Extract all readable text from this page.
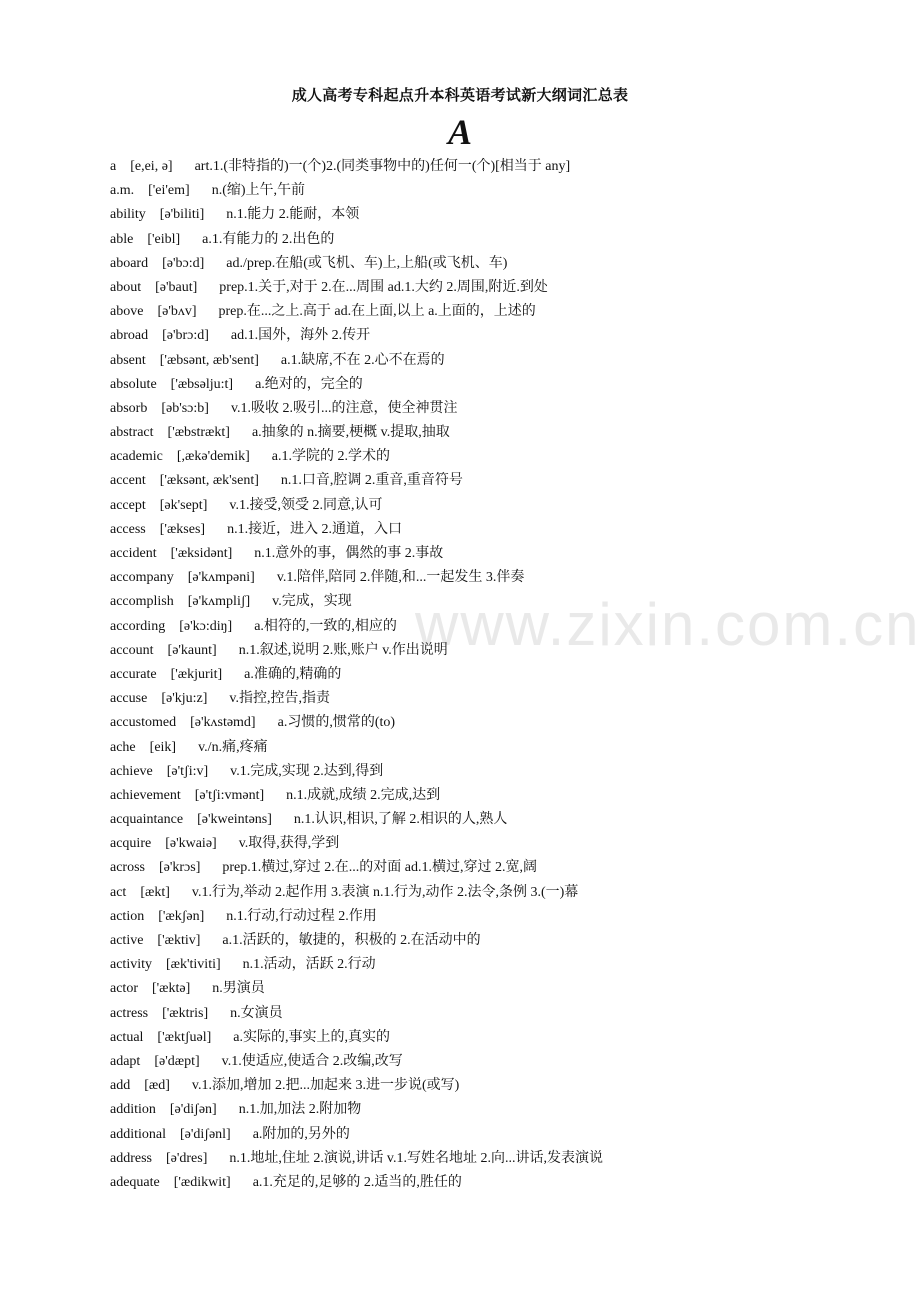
www.zixin.com.cn
成人高考专科起点升本科英语考试新大纲词汇总表
A
a [e,ei, ə] art.1.(非特指的)一(个)2.(同类事物中的)任何一(个)[相当于 any]
a.m. ['ei'em] n.(缩)上午,午前
ability [ə'biliti] n.1.能力 2.能耐，本领
able ['eibl] a.1.有能力的 2.出色的
aboard [ə'bɔ:d] ad./prep.在船(或飞机、车)上,上船(或飞机、车)
about [ə'baut] prep.1.关于,对于 2.在...周围 ad.1.大约 2.周围,附近.到处
above [ə'bʌv] prep.在...之上.高于 ad.在上面,以上 a.上面的，上述的
abroad [ə'brɔ:d] ad.1.国外，海外 2.传开
absent ['æbsənt, æb'sent] a.1.缺席,不在 2.心不在焉的
absolute ['æbsəlju:t] a.绝对的，完全的
absorb [əb'sɔ:b] v.1.吸收 2.吸引...的注意，使全神贯注
abstract ['æbstrækt] a.抽象的 n.摘要,梗概 v.提取,抽取
academic [,ækə'demik] a.1.学院的 2.学术的
accent ['æksənt, æk'sent] n.1.口音,腔调 2.重音,重音符号
accept [ək'sept] v.1.接受,领受 2.同意,认可
access ['ækses] n.1.接近，进入 2.通道，入口
accident ['æksidənt] n.1.意外的事，偶然的事 2.事故
accompany [ə'kʌmpəni] v.1.陪伴,陪同 2.伴随,和...一起发生 3.伴奏
accomplish [ə'kʌmpliʃ] v.完成，实现
according [ə'kɔ:diŋ] a.相符的,一致的,相应的
account [ə'kaunt] n.1.叙述,说明 2.账,账户 v.作出说明
accurate ['ækjurit] a.准确的,精确的
accuse [ə'kju:z] v.指控,控告,指责
accustomed [ə'kʌstəmd] a.习惯的,惯常的(to)
ache [eik] v./n.痛,疼痛
achieve [ə'tʃi:v] v.1.完成,实现 2.达到,得到
achievement [ə'tʃi:vmənt] n.1.成就,成绩 2.完成,达到
acquaintance [ə'kweintəns] n.1.认识,相识,了解 2.相识的人,熟人
acquire [ə'kwaiə] v.取得,获得,学到
across [ə'krɔs] prep.1.横过,穿过 2.在...的对面 ad.1.横过,穿过 2.宽,阔
act [ækt] v.1.行为,举动 2.起作用 3.表演 n.1.行为,动作 2.法令,条例 3.(一)幕
action ['ækʃən] n.1.行动,行动过程 2.作用
active ['æktiv] a.1.活跃的，敏捷的，积极的 2.在活动中的
activity [æk'tiviti] n.1.活动，活跃 2.行动
actor ['æktə] n.男演员
actress ['æktris] n.女演员
actual ['æktʃuəl] a.实际的,事实上的,真实的
adapt [ə'dæpt] v.1.使适应,使适合 2.改编,改写
add [æd] v.1.添加,增加 2.把...加起来 3.进一步说(或写)
addition [ə'diʃən] n.1.加,加法 2.附加物
additional [ə'diʃənl] a.附加的,另外的
address [ə'dres] n.1.地址,住址 2.演说,讲话 v.1.写姓名地址 2.向...讲话,发表演说
adequate ['ædikwit] a.1.充足的,足够的 2.适当的,胜任的
